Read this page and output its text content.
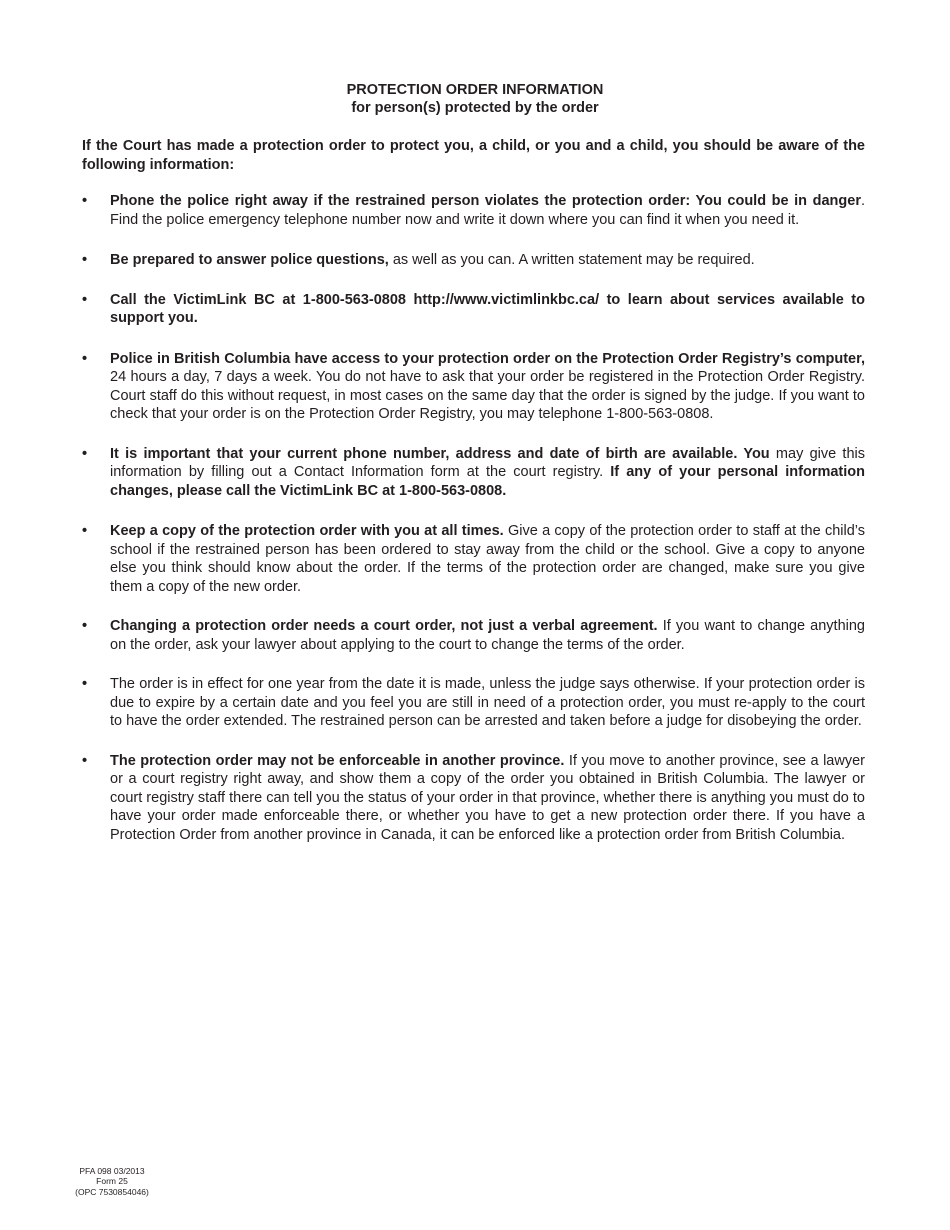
PROTECTION ORDER INFORMATION
for person(s) protected by the order
If the Court has made a protection order to protect you, a child, or you and a child, you should be aware of the following information:
• Phone the police right away if the restrained person violates the protection order: You could be in danger. Find the police emergency telephone number now and write it down where you can find it when you need it.
• Be prepared to answer police questions, as well as you can. A written statement may be required.
• Call the VictimLink BC at 1-800-563-0808 http://www.victimlinkbc.ca/ to learn about services available to support you.
• Police in British Columbia have access to your protection order on the Protection Order Registry’s computer, 24 hours a day, 7 days a week. You do not have to ask that your order be registered in the Protection Order Registry. Court staff do this without request, in most cases on the same day that the order is signed by the judge. If you want to check that your order is on the Protection Order Registry, you may telephone 1-800-563-0808.
• It is important that your current phone number, address and date of birth are available. You may give this information by filling out a Contact Information form at the court registry. If any of your personal information changes, please call the VictimLink BC at 1-800-563-0808.
• Keep a copy of the protection order with you at all times. Give a copy of the protection order to staff at the child’s school if the restrained person has been ordered to stay away from the child or the school. Give a copy to anyone else you think should know about the order. If the terms of the protection order are changed, make sure you give them a copy of the new order.
• Changing a protection order needs a court order, not just a verbal agreement. If you want to change anything on the order, ask your lawyer about applying to the court to change the terms of the order.
• The order is in effect for one year from the date it is made, unless the judge says otherwise. If your protection order is due to expire by a certain date and you feel you are still in need of a protection order, you must re-apply to the court to have the order extended. The restrained person can be arrested and taken before a judge for disobeying the order.
• The protection order may not be enforceable in another province. If you move to another province, see a lawyer or a court registry right away, and show them a copy of the order you obtained in British Columbia. The lawyer or court registry staff there can tell you the status of your order in that province, whether there is anything you must do to have your order made enforceable there, or whether you have to get a new protection order there. If you have a Protection Order from another province in Canada, it can be enforced like a protection order from British Columbia.
PFA 098 03/2013
Form 25
(OPC 7530854046)
